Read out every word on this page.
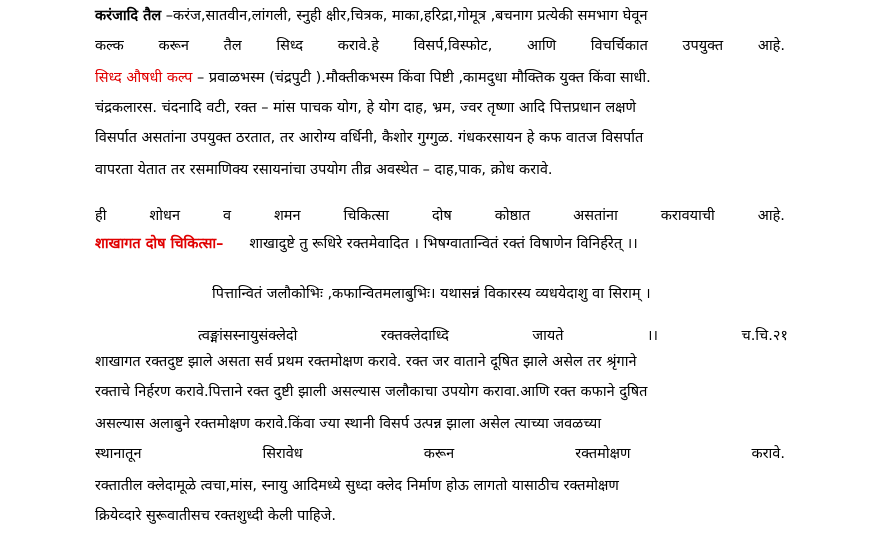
करंजादि तैल –करंज,सातवीन,लांगली, स्नुही क्षीर,चित्रक, माका,हरिद्रा,गोमूत्र ,बचनाग प्रत्येकी समभाग घेवून
कल्क करून तैल सिध्द करावे.हे विसर्प,विस्फोट, आणि विचर्चिकात उपयुक्त आहे.
सिध्द औषधी कल्प – प्रवाळभस्म (चंद्रपुटी ).मौक्तीकभस्म किंवा पिष्टी ,कामदुधा मौक्तिक युक्त किंवा साधी.
चंद्रकलारस. चंदनादि वटी, रक्त – मांस पाचक योग, हे योग दाह, भ्रम, ज्वर तृष्णा आदि पित्तप्रधान लक्षणे
विसर्पात असतांना उपयुक्त ठरतात, तर आरोग्य वर्धिनी, कैशोर गुग्गुळ. गंधकरसायन हे कफ वातज विसर्पात
वापरता येतात तर रसमाणिक्य रसायनांचा उपयोग तीव्र अवस्थेत – दाह,पाक, क्रोध करावे.
ही	शोधन	व	शमन	चिकित्सा	दोष	कोष्ठात	असतांना	करावयाची	आहे.
शाखागत दोष चिकित्सा– शाखादुष्टे तु रूधिरे रक्तमेवादित । भिषग्वातान्वितं रक्तं विषाणेन विनिर्हरेत् ।।
पित्तान्वितं जलौकोभिः ,कफान्वितमलाबुभिः। यथासन्नं विकारस्य व्यधयेदाशु वा सिराम् ।
त्वङ्मांसस्नायुसंक्लेदो	रक्तक्लेदाध्दि	जायते	।।	च.चि.२१
शाखागत रक्तदुष्ट झाले असता सर्व प्रथम रक्तमोक्षण करावे. रक्त जर वाताने दूषित झाले असेल तर श्रृंगाने
रक्ताचे निर्हरण करावे.पित्ताने रक्त दुष्टी झाली असल्यास जलौकाचा उपयोग करावा.आणि रक्त कफाने दुषित
असल्यास अलाबुने रक्तमोक्षण करावे.किंवा ज्या स्थानी विसर्प उत्पन्न झाला असेल त्याच्या जवळच्या
स्थानातून	सिरावेध	करून	रक्तमोक्षण	करावे.
रक्तातील क्लेदामूळे त्वचा,मांस, स्नायु आदिमध्ये सुध्दा क्लेद निर्माण होऊ लागतो यासाठीच रक्तमोक्षण
क्रियेव्दारे सुरूवातीसच रक्तशुध्दी केली पाहिजे.
